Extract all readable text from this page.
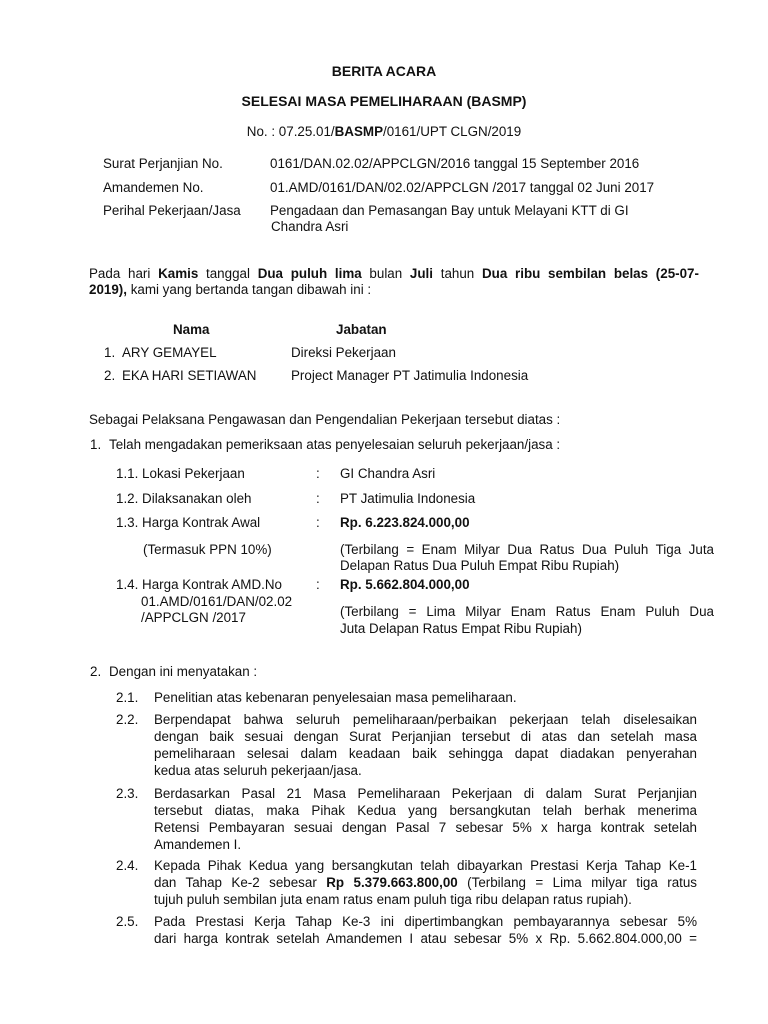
BERITA ACARA
SELESAI MASA PEMELIHARAAN (BASMP)
No. : 07.25.01/BASMP/0161/UPT CLGN/2019
Surat Perjanjian No.	0161/DAN.02.02/APPCLGN/2016 tanggal 15 September 2016
Amandemen No.	01.AMD/0161/DAN/02.02/APPCLGN /2017 tanggal 02 Juni 2017
Perihal Pekerjaan/Jasa Pengadaan dan Pemasangan Bay untuk Melayani KTT di GI
Chandra Asri
Pada hari Kamis tanggal Dua puluh lima bulan Juli tahun Dua ribu sembilan belas (25-07-
2019), kami yang bertanda tangan dibawah ini :
Nama	Jabatan
1. ARY GEMAYEL	Direksi Pekerjaan
2. EKA HARI SETIAWAN	Project Manager PT Jatimulia Indonesia
Sebagai Pelaksana Pengawasan dan Pengendalian Pekerjaan tersebut diatas :
1. Telah mengadakan pemeriksaan atas penyelesaian seluruh pekerjaan/jasa :
1.1. Lokasi Pekerjaan	: GI Chandra Asri
1.2. Dilaksanakan oleh	: PT Jatimulia Indonesia
1.3. Harga Kontrak Awal	: Rp. 6.223.824.000,00
(Termasuk PPN 10%)	(Terbilang = Enam Milyar Dua Ratus Dua Puluh Tiga Juta
Delapan Ratus Dua Puluh Empat Ribu Rupiah)
1.4. Harga Kontrak AMD.No	: Rp. 5.662.804.000,00
01.AMD/0161/DAN/02.02
/APPCLGN /2017	(Terbilang = Lima Milyar Enam Ratus Enam Puluh Dua
Juta Delapan Ratus Empat Ribu Rupiah)
2. Dengan ini menyatakan :
2.1. Penelitian atas kebenaran penyelesaian masa pemeliharaan.
2.2. Berpendapat bahwa seluruh pemeliharaan/perbaikan pekerjaan telah diselesaikan
dengan baik sesuai dengan Surat Perjanjian tersebut di atas dan setelah masa
pemeliharaan selesai dalam keadaan baik sehingga dapat diadakan penyerahan
kedua atas seluruh pekerjaan/jasa.
2.3. Berdasarkan Pasal 21 Masa Pemeliharaan Pekerjaan di dalam Surat Perjanjian
tersebut diatas, maka Pihak Kedua yang bersangkutan telah berhak menerima
Retensi Pembayaran sesuai dengan Pasal 7 sebesar 5% x harga kontrak setelah
Amandemen I.
2.4. Kepada Pihak Kedua yang bersangkutan telah dibayarkan Prestasi Kerja Tahap Ke-1
dan Tahap Ke-2 sebesar Rp 5.379.663.800,00 (Terbilang = Lima milyar tiga ratus
tujuh puluh sembilan juta enam ratus enam puluh tiga ribu delapan ratus rupiah).
2.5. Pada Prestasi Kerja Tahap Ke-3 ini dipertimbangkan pembayarannya sebesar 5%
dari harga kontrak setelah Amandemen I atau sebesar 5% x Rp. 5.662.804.000,00 =
